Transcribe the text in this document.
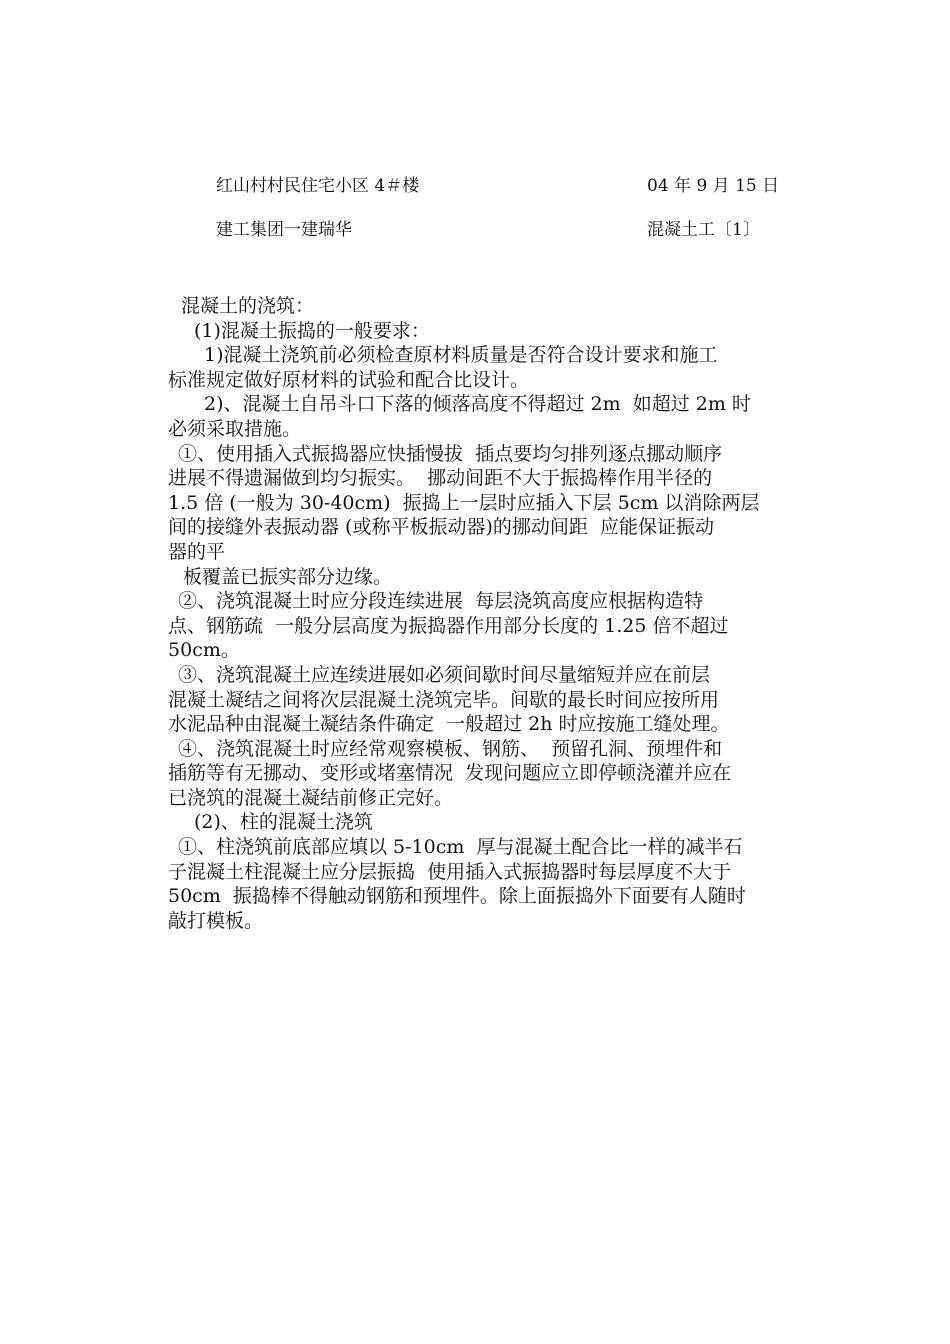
红山村村民住宅小区 4＃楼	04 年 9 月 15 日
建工集团一建瑞华	混凝土工〔1〕

混凝土的浇筑：

(1)混凝土振捣的一般要求：

1)混凝土浇筑前必须检查原材料质量是否符合设计要求和施工

标准规定做好原材料的试验和配合比设计。

2)、混凝土自吊斗口下落的倾落高度不得超过 2m  如超过 2m 时

必须采取措施。

①、使用插入式振捣器应快插慢拔  插点要均匀排列逐点挪动顺序

进展不得遗漏做到均匀振实。  挪动间距不大于振捣棒作用半径的

1.5 倍 (一般为 30-40cm)  振捣上一层时应插入下层 5cm 以消除两层

间的接缝外表振动器 (或称平板振动器)的挪动间距  应能保证振动

器的平

板覆盖已振实部分边缘。

②、浇筑混凝土时应分段连续进展  每层浇筑高度应根据构造特

点、钢筋疏  一般分层高度为振捣器作用部分长度的 1.25 倍不超过

50cm。

③、浇筑混凝土应连续进展如必须间歇时间尽量缩短并应在前层

混凝土凝结之间将次层混凝土浇筑完毕。间歇的最长时间应按所用

水泥品种由混凝土凝结条件确定  一般超过 2h 时应按施工缝处理。

④、浇筑混凝土时应经常观察模板、钢筋、  预留孔洞、预埋件和

插筋等有无挪动、变形或堵塞情况  发现问题应立即停顿浇灌并应在

已浇筑的混凝土凝结前修正完好。

(2)、柱的混凝土浇筑

①、柱浇筑前底部应填以 5-10cm  厚与混凝土配合比一样的减半石

子混凝土柱混凝土应分层振捣  使用插入式振捣器时每层厚度不大于

50cm  振捣棒不得触动钢筋和预埋件。除上面振捣外下面要有人随时

敲打模板。
